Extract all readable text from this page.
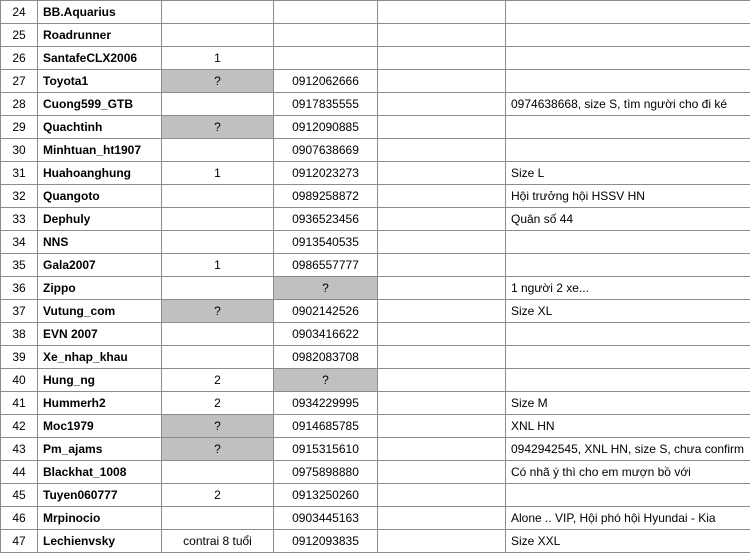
24	BB.Aquarius				
25	Roadrunner				
26	SantafeCLX2006	1			
27	Toyota1	?	0912062666		
28	Cuong599_GTB		0917835555		0974638668, size S, tìm người cho đi ké
29	Quachtinh	?	0912090885		
30	Minhtuan_ht1907		0907638669		
31	Huahoanghung	1	0912023273		Size L
32	Quangoto		0989258872		Hội trưởng hội HSSV HN
33	Dephuly		0936523456		Quân số 44
34	NNS		0913540535		
35	Gala2007	1	0986557777		
36	Zippo		?		1 người 2 xe...
37	Vutung_com	?	0902142526		Size XL
38	EVN 2007		0903416622		
39	Xe_nhap_khau		0982083708		
40	Hung_ng	2	?		
41	Hummerh2	2	0934229995		Size M
42	Moc1979	?	0914685785		XNL HN
43	Pm_ajams	?	0915315610		0942942545, XNL HN, size S, chưa confirm
44	Blackhat_1008		0975898880		Có nhã ý thì cho em mượn bồ với
45	Tuyen060777	2	0913250260		
46	Mrpinocio		0903445163		Alone .. VIP, Hội phó hội Hyundai - Kia
47	Lechienvsky	contrai 8 tuổi	0912093835		Size XXL
